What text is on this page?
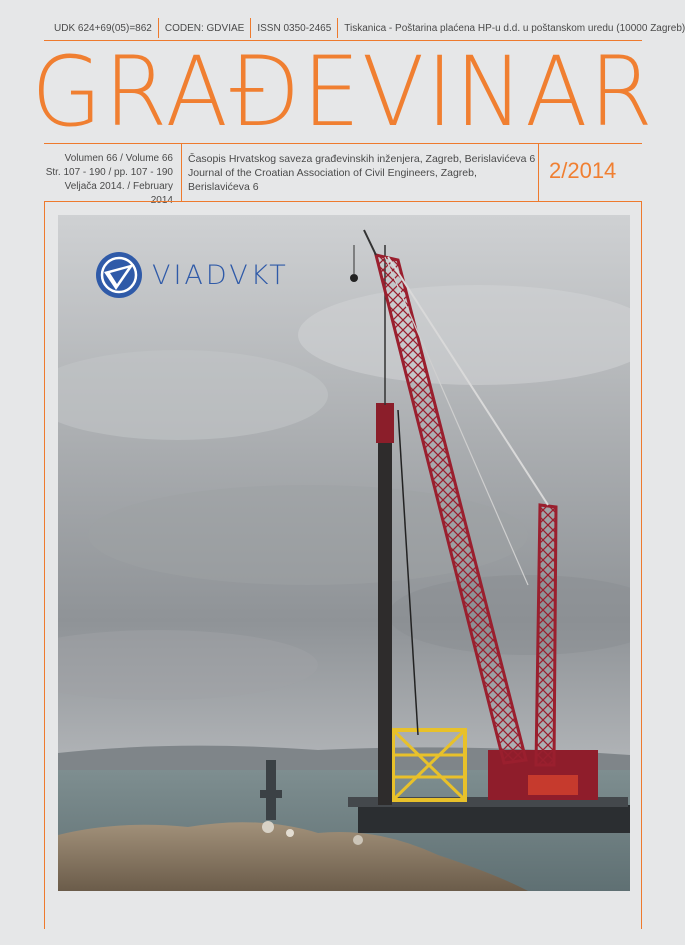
UDK 624+69(05)=862	CODEN: GDVIAE	ISSN 0350-2465	Tiskanica - Poštarina plaćena HP-u d.d. u poštanskom uredu (10000 Zagreb)
GRAĐEVINAR
Volumen 66 / Volume 66
Str. 107 - 190 / pp. 107 - 190
Veljača 2014. / February 2014
Časopis Hrvatskog saveza građevinskih inženjera, Zagreb, Berislavićeva 6
Journal of the Croatian Association of Civil Engineers, Zagreb, Berislavićeva 6
2/2014
VIADVKT
